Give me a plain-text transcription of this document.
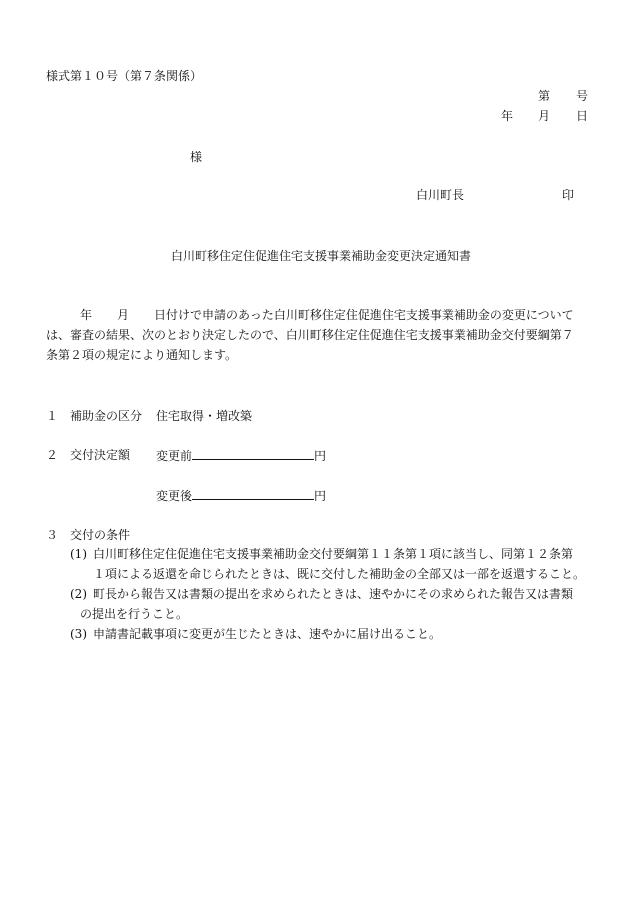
様式第１０号（第７条関係）
第 号
年 月 日
様
白川町長	印
白川町移住定住促進住宅支援事業補助金変更決定通知書
年 月 日付けで申請のあった白川町移住定住促進住宅支援事業補助金の変更について
は、審査の結果、次のとおり決定したので、白川町移住定住促進住宅支援事業補助金交付要綱第７
条第２項の規定により通知します。
１ 補助金の区分 住宅取得・増改築
２ 交付決定額 変更前	円
変更後	円
３ 交付の条件
(1) 白川町移住定住促進住宅支援事業補助金交付要綱第１１条第１項に該当し、同第１２条第
１項による返還を命じられたときは、既に交付した補助金の全部又は一部を返還すること。
(2) 町長から報告又は書類の提出を求められたときは、速やかにその求められた報告又は書類
の提出を行うこと。
(3) 申請書記載事項に変更が生じたときは、速やかに届け出ること。
